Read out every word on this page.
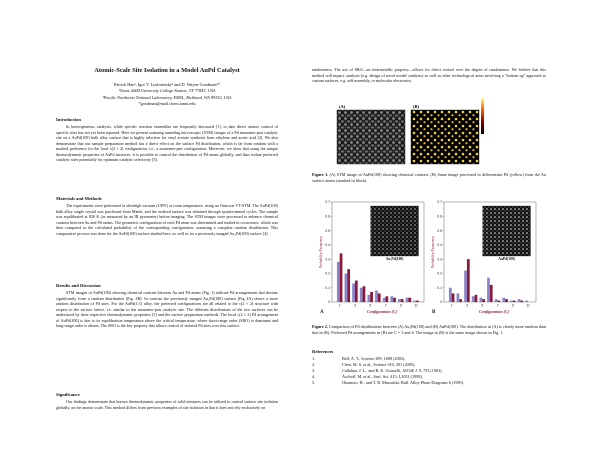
Atomic-Scale Site Isolation in a Model AuPd Catalyst
Patrick Han¹, Igor V. Lyubinetsky² and D. Wayne Goodman¹*
¹Texas A&M University College Station, TX 77843, USA
²Pacific Northwest National Laboratory, EMSL, Richland, WA 99352, USA
*goodman@mail.chem.tamu.edu
Introduction
In heterogeneous catalysis, while specific reaction ensembles are frequently discussed [1], to date direct atomic control of specific sites has not yet been reported. Here we present scanning tunneling microscopic (STM) images of a Pd monomer-pair catalytic site on a AuPd(100) bulk alloy surface that is highly selective for vinyl acetate synthesis from ethylene and acetic acid [2]. We also demonstrate that our sample preparation method has a direct effect on the surface Pd distribution, which is far from random with a marked preference for the local c(2 × 2) configuration, i.e., a monomer-pair configuration. Moreover, we show that using the unique thermodynamic properties of AuPd mixtures, it is possible to control the distribution of Pd atoms globally, and thus isolate preferred catalytic sites potentially for optimum catalytic selectivity [3].
Materials and Methods
The experiments were performed in ultrahigh vacuum (UHV) at room temperature, using an Omicron VT-STM. The AuPd(100) bulk alloy single crystal was purchased from Matek, and the ordered surface was obtained through sputter-anneal cycles. The sample was equilibrated at 820 K (as measured by an IR pyrometer) before imaging. The STM images were processed to enhance chemical contrast between Au and Pd atoms. The geometric configuration of each Pd atom was determined and totaled in occurrence, which was then compared to the calculated probability of the corresponding configuration, assuming a complete random distribution. This comparative process was done for the AuPd(100) surface studied here, as well as for a previously imaged Au₃Pd(100) surface [4].
Results and Discussion
STM images of AuPd(100) showing chemical contrast between Au and Pd atoms (Fig. 1) indicate Pd arrangements that deviate significantly from a random distribution (Fig. 2B). In contrast the previously imaged Au₃Pd(100) surface (Fig 2A) shows a more random distribution of Pd sites. For the AuPd(1:1) alloy, the preferred configurations are all related to the c(2 × 2) structure with respect to the surface lattice, i.e. similar to the monomer-pair catalytic site. The different distributions of the two surfaces can be understood by their respective thermodynamic properties [5] and the surface preparation methods. The local c(2 × 2) Pd arrangement of AuPd(100) is due to its equilibration temperature above the critical temperature, where short-range order (SRO) is dominant and long-range order is absent. The SRO is the key property that allows control of isolated Pd sites over this surface.
Significance
Our findings demonstrate that known thermodynamic properties of solid mixtures can be utilized to control surface site isolation globally, on the atomic scale. This method differs from previous examples of site isolation in that it does not rely exclusively on
randomness. The use of SRO—an intermetallic property—allows for direct control over the degree of randomness. We believe that this method will impact catalysis (e.g. design of novel model catalysts) as well as other technological areas involving a "bottom up" approach to custom surfaces, e.g. self-assembly, or molecular electronics.
(A)	(B)
Figure 1. (A) STM image of AuPd(100) showing chemical contrast. (B) Same image processed to differentiate Pd (yellow) from the Au surface atoms (masked in black).
0
0.1
0.2
0.3
0.4
0.5
0.6
0.7
1	3	5	7	9	11
Configuration (C)
Probability/Frequency
A
Au₃Pd(100)
0
0.1
0.2
0.3
0.4
0.5
0.6
0.7
1	3	5	7	9	11
Configuration (C)
Probability/Frequency
B
AuPd(100)
Figure 2. Comparison of Pd distributions between (A) Au₃Pd(100) and (B) AuPd(100). The distribution in (A) is clearly more random than that in (B). Preferred Pd arrangements in (B) are C = 3 and 6. The image in (B) is the same image shown in Fig. 1.
References
1.	Bell, A. T., Science 299, 1688 (2003).
2.	Chen, M. S. et al., Science 310, 291 (2005).
3.	Callahan, J. L., and R. K. Grasselli, AIChE J. 9, 755 (1963).
4.	Aschoff, M. et al., Surf. Sci. 415, L1051 (1998).
5.	Okamoto, H., and T. B. Massalski, Bull. Alloy Phase Diagrams 6 (1985).
